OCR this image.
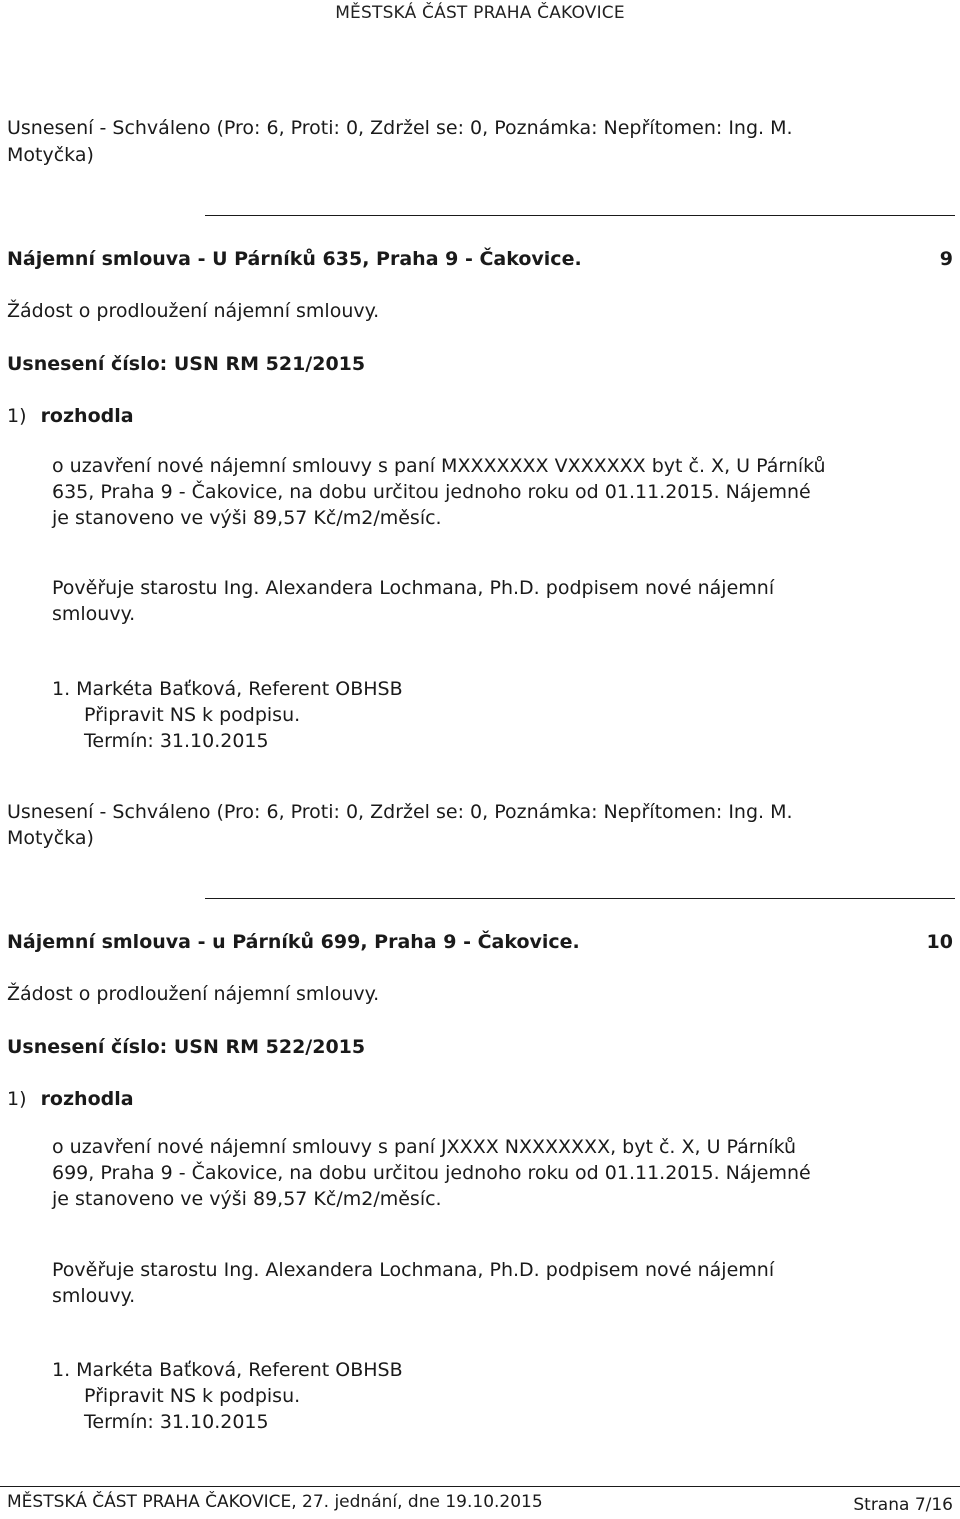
MĚSTSKÁ ČÁST PRAHA ČAKOVICE
Usnesení - Schváleno (Pro: 6, Proti: 0, Zdržel se: 0, Poznámka: Nepřítomen: Ing. M.
Motyčka)
Nájemní smlouva - U Párníků 635, Praha 9 - Čakovice.	9
Žádost o prodloužení nájemní smlouvy.
Usnesení číslo: USN RM 521/2015
1) rozhodla
o uzavření nové nájemní smlouvy s paní MXXXXXXX VXXXXXX byt č. X, U Párníků
635, Praha 9 - Čakovice, na dobu určitou jednoho roku od 01.11.2015. Nájemné
je stanoveno ve výši 89,57 Kč/m2/měsíc.
Pověřuje starostu Ing. Alexandera Lochmana, Ph.D. podpisem nové nájemní
smlouvy.
1. Markéta Baťková, Referent OBHSB
Připravit NS k podpisu.
Termín: 31.10.2015
Usnesení - Schváleno (Pro: 6, Proti: 0, Zdržel se: 0, Poznámka: Nepřítomen: Ing. M.
Motyčka)
Nájemní smlouva - u Párníků 699, Praha 9 - Čakovice.	10
Žádost o prodloužení nájemní smlouvy.
Usnesení číslo: USN RM 522/2015
1) rozhodla
o uzavření nové nájemní smlouvy s paní JXXXX NXXXXXXX, byt č. X, U Párníků
699, Praha 9 - Čakovice, na dobu určitou jednoho roku od 01.11.2015. Nájemné
je stanoveno ve výši 89,57 Kč/m2/měsíc.
Pověřuje starostu Ing. Alexandera Lochmana, Ph.D. podpisem nové nájemní
smlouvy.
1. Markéta Baťková, Referent OBHSB
Připravit NS k podpisu.
Termín: 31.10.2015
MĚSTSKÁ ČÁST PRAHA ČAKOVICE, 27. jednání, dne 19.10.2015	Strana 7/16
